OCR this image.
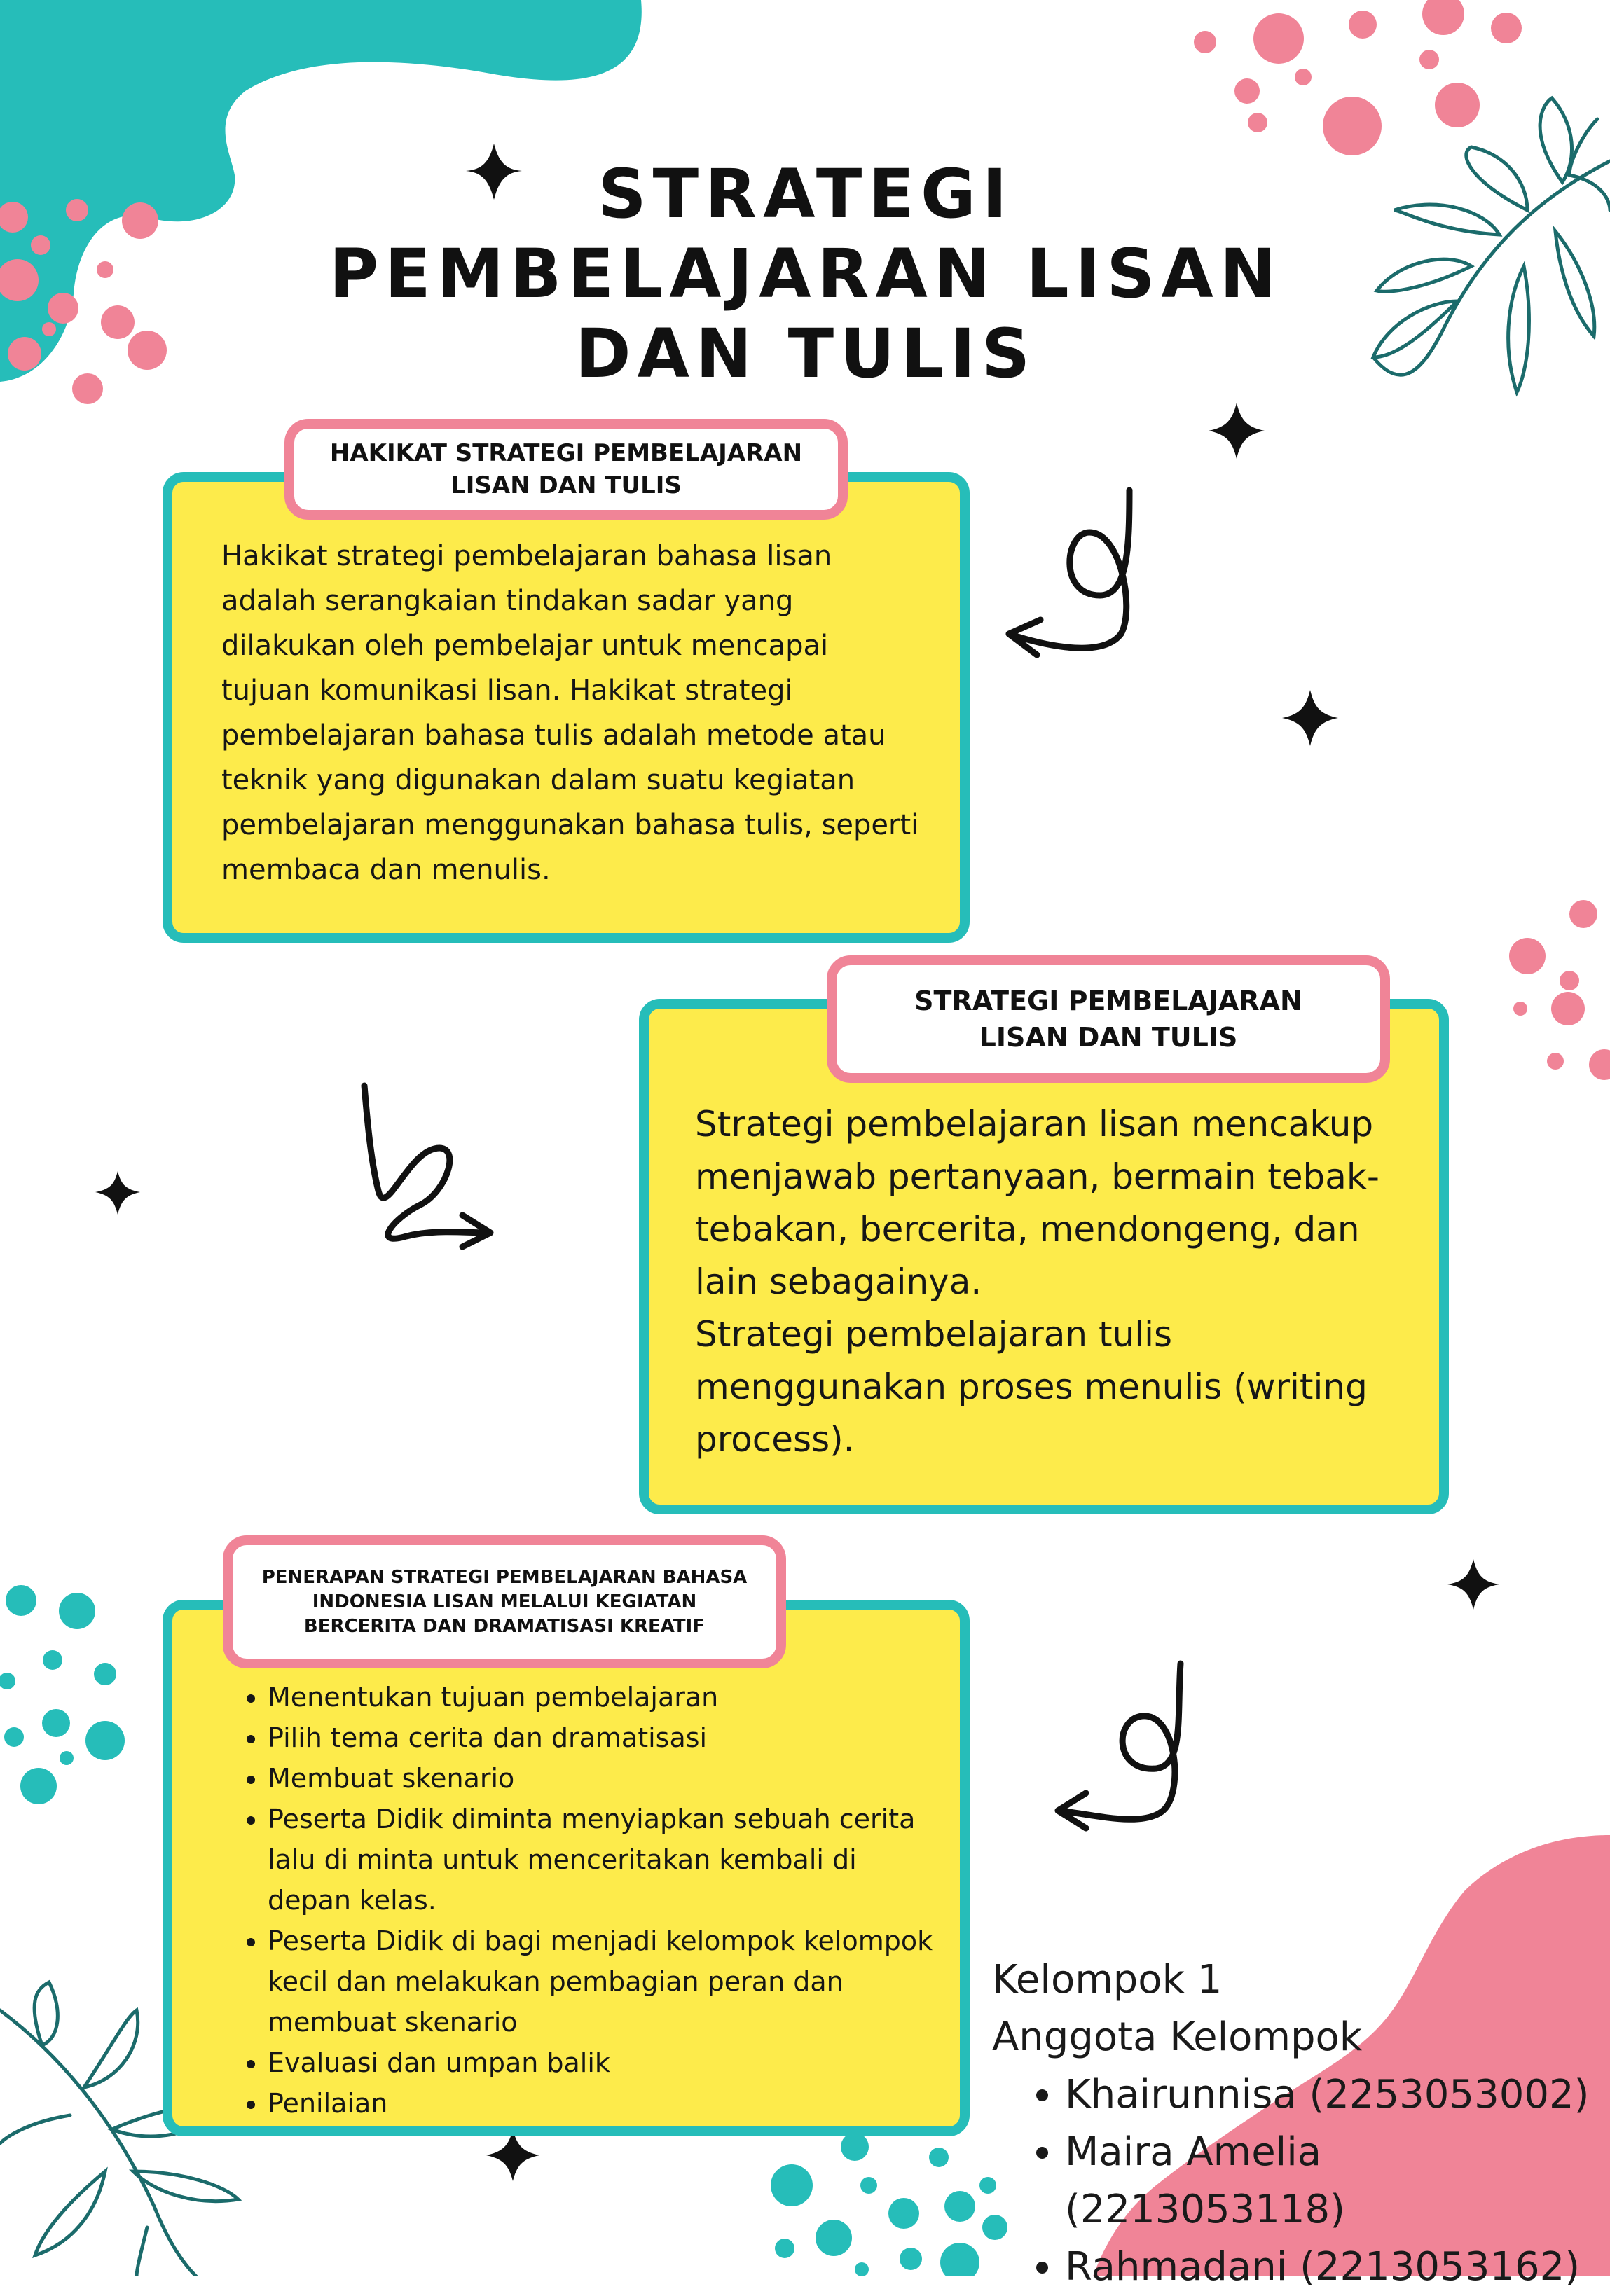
STRATEGI
PEMBELAJARAN LISAN
DAN TULIS
HAKIKAT STRATEGI PEMBELAJARAN
LISAN DAN TULIS

Hakikat strategi pembelajaran bahasa lisan adalah serangkaian tindakan sadar yang dilakukan oleh pembelajar untuk mencapai tujuan komunikasi lisan. Hakikat strategi pembelajaran bahasa tulis adalah metode atau teknik yang digunakan dalam suatu kegiatan pembelajaran menggunakan bahasa tulis, seperti membaca dan menulis.

STRATEGI PEMBELAJARAN
LISAN DAN TULIS

Strategi pembelajaran lisan mencakup menjawab pertanyaan, bermain tebak-tebakan, bercerita, mendongeng, dan lain sebagainya.

Strategi pembelajaran tulis menggunakan proses menulis (writing process).

PENERAPAN STRATEGI PEMBELAJARAN BAHASA
INDONESIA LISAN MELALUI KEGIATAN
BERCERITA DAN DRAMATISASI KREATIF
• Menentukan tujuan pembelajaran
• Pilih tema cerita dan dramatisasi
• Membuat skenario
• Peserta Didik diminta menyiapkan sebuah cerita lalu di minta untuk menceritakan kembali di depan kelas.
• Peserta Didik di bagi menjadi kelompok kelompok kecil dan melakukan pembagian peran dan membuat skenario
• Evaluasi dan umpan balik
• Penilaian
Kelompok 1
Anggota Kelompok
• Khairunnisa (2253053002)
• Maira Amelia (2213053118)
• Rahmadani (2213053162)
